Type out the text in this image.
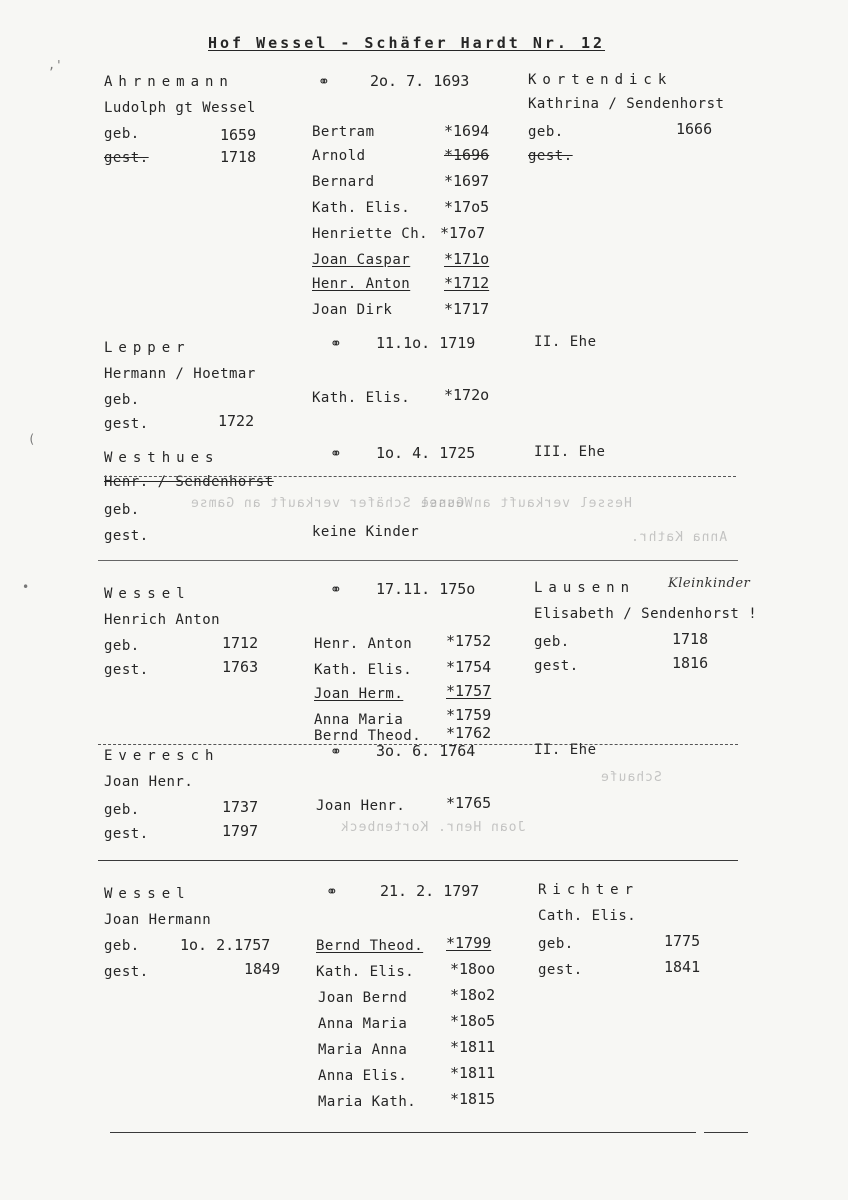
Wessel Schäfer verkauft an Gamse
Hessel verkauft an Gunse
Schaufe
Joan Henr. Kortenbeck
Anna Kathr.
Hof Wessel - Schäfer Hardt Nr. 12
Ahrnemann
Ludolph gt Wessel
geb.	1659
gest.	1718
⚭	2o. 7. 1693	Kortendick
Kathrina / Sendenhorst
geb.	1666
gest.
Bertram	*1694
Arnold	*1696
Bernard	*1697
Kath. Elis. *17o5
Henriette Ch. *17o7
Joan Caspar *171o
Henr. Anton *1712
Joan Dirk	*1717
Lepper
Hermann / Hoetmar
geb.
gest.	1722
⚭ 11.1o. 1719	II. Ehe
Kath. Elis. *172o
Westhues
Henr. / Sendenhorst
geb.
gest.
⚭ 1o. 4. 1725	III. Ehe
keine Kinder
Wessel
Henrich Anton
geb.	1712
gest.	1763
⚭ 17.11. 175o	Lausenn	Kleinkinder
Elisabeth / Sendenhorst !
geb.	1718
gest.	1816
Henr. Anton *1752
Kath. Elis. *1754
Joan Herm.	*1757
Anna Maria	*1759
Bernd Theod. *1762
Everesch
Joan Henr.
geb.	1737
gest.	1797
⚭ 3o. 6. 1764	II. Ehe
Joan Henr.	*1765
Wessel
Joan Hermann
geb.	1o. 2.1757
gest.	1849
⚭	21. 2. 1797	Richter
Cath. Elis.
geb.	1775
gest.	1841
Bernd Theod. *1799
Kath. Elis. *18oo
Joan Bernd	*18o2
Anna Maria	*18o5
Maria Anna	*1811
Anna Elis.	*1811
Maria Kath. *1815
,'
•
(
